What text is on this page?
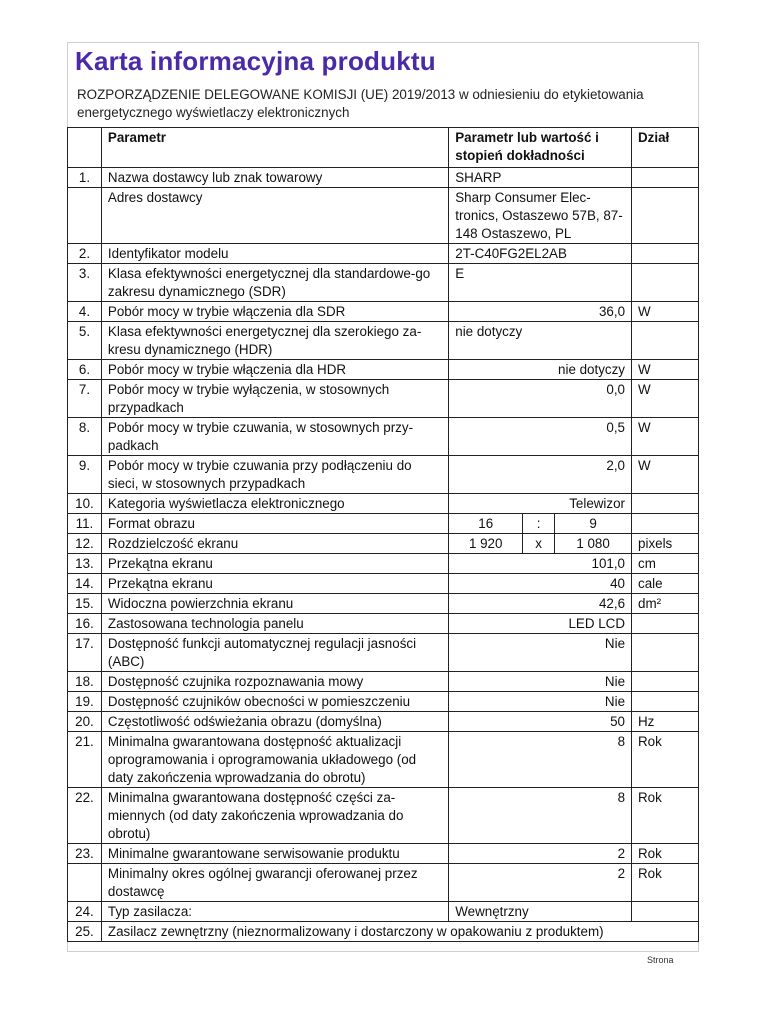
Karta informacyjna produktu
ROZPORZĄDZENIE DELEGOWANE KOMISJI (UE) 2019/2013 w odniesieniu do etykietowania energetycznego wyświetlaczy elektronicznych
	Parametr	Parametr lub wartość i stopień dokładności			Dział
1.	Nazwa dostawcy lub znak towarowy	SHARP			
	Adres dostawcy	Sharp Consumer Elec-tronics, Ostaszewo 57B, 87-148 Ostaszewo, PL			
2.	Identyfikator modelu	2T-C40FG2EL2AB			
3.	Klasa efektywności energetycznej dla standardowe-go zakresu dynamicznego (SDR)	E			
4.	Pobór mocy w trybie włączenia dla SDR	36,0			W
5.	Klasa efektywności energetycznej dla szerokiego za-kresu dynamicznego (HDR)	nie dotyczy			
6.	Pobór mocy w trybie włączenia dla HDR	nie dotyczy			W
7.	Pobór mocy w trybie wyłączenia, w stosownych przypadkach	0,0			W
8.	Pobór mocy w trybie czuwania, w stosownych przy-padkach	0,5			W
9.	Pobór mocy w trybie czuwania przy podłączeniu do sieci, w stosownych przypadkach	2,0			W
10.	Kategoria wyświetlacza elektronicznego	Telewizor			
11.	Format obrazu	16	:	9	
12.	Rozdzielczość ekranu	1 920	x	1 080	pixels
13.	Przekątna ekranu	101,0			cm
14.	Przekątna ekranu	40			cale
15.	Widoczna powierzchnia ekranu	42,6			dm²
16.	Zastosowana technologia panelu	LED LCD			
17.	Dostępność funkcji automatycznej regulacji jasności (ABC)	Nie			
18.	Dostępność czujnika rozpoznawania mowy	Nie			
19.	Dostępność czujników obecności w pomieszczeniu	Nie			
20.	Częstotliwość odświeżania obrazu (domyślna)	50			Hz
21.	Minimalna gwarantowana dostępność aktualizacji oprogramowania i oprogramowania układowego (od daty zakończenia wprowadzania do obrotu)	8			Rok
22.	Minimalna gwarantowana dostępność części za-miennych (od daty zakończenia wprowadzania do obrotu)	8			Rok
23.	Minimalne gwarantowane serwisowanie produktu	2			Rok
	Minimalny okres ogólnej gwarancji oferowanej przez dostawcę	2			Rok
24.	Typ zasilacza:	Wewnętrzny			
25.	Zasilacz zewnętrzny (nieznormalizowany i dostarczony w opakowaniu z produktem)				
Strona
